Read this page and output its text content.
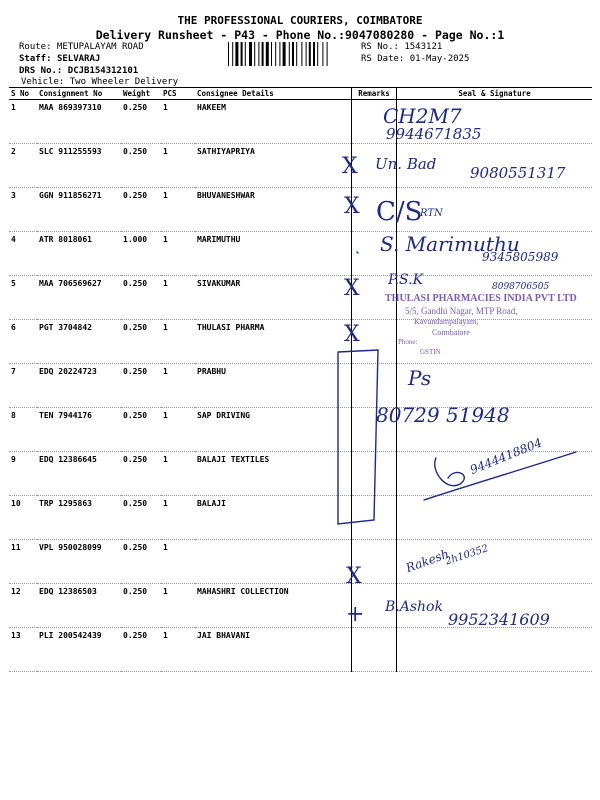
THE PROFESSIONAL COURIERS, COIMBATORE
Delivery Runsheet - P43 - Phone No.:9047080280 - Page No.:1
Route: METUPALAYAM ROAD
Staff: SELVARAJ
DRS No.: DCJB154312101
Vehicle: Two Wheeler Delivery
RS No.: 1543121
RS Date: 01-May-2025
S No	Consignment No	Weight	PCS	Consignee Details	Remarks	Seal & Signature
1	MAA 869397310	0.250	1	HAKEEM		
2	SLC 911255593	0.250	1	SATHIYAPRIYA		
3	GGN 911856271	0.250	1	BHUVANESHWAR		
4	ATR 8018061	1.000	1	MARIMUTHU		
5	MAA 706569627	0.250	1	SIVAKUMAR		
6	PGT 3704842	0.250	1	THULASI PHARMA		
7	EDQ 20224723	0.250	1	PRABHU		
8	TEN 7944176	0.250	1	SAP DRIVING		
9	EDQ 12386645	0.250	1	BALAJI TEXTILES		
10	TRP 1295863	0.250	1	BALAJI		
11	VPL 950028099	0.250	1			
12	EDQ 12386503	0.250	1	MAHASHRI COLLECTION		
13	PLI 200542439	0.250	1	JAI BHAVANI		
CH2M7
9944671835
Un. Bad 9080551317
C/S
RTN
S. Marimuthu
9345805989
P.S.K	8098706505
Ps
80729 51948
9444418804
Rakesh
2h10352
B.Ashok
9952341609
X
X
X
X
X
+
THULASI PHARMACIES INDIA PVT LTD
5/5, Gandhi Nagar, MTP Road,
Kavundampalayam,
Coimbatore
Phone:
GSTIN
